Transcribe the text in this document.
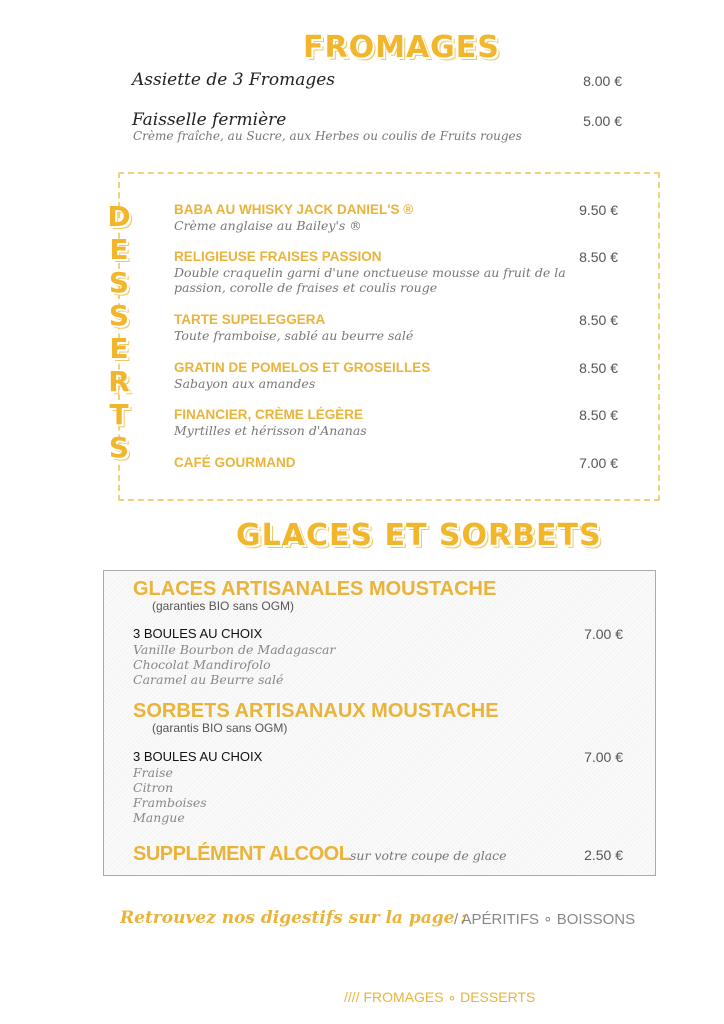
FROMAGES
Assiette de 3 Fromages	8.00 €
Faisselle fermière	5.00 €
Crème fraîche, au Sucre, aux Herbes ou coulis de Fruits rouges
D
E
S
S
E
R
T
S
BABA AU WHISKY JACK DANIEL'S ®
Crème anglaise au Bailey's ®
9.50 €
RELIGIEUSE FRAISES PASSION
Double craquelin garni d'une onctueuse mousse au fruit de la passion, corolle de fraises et coulis rouge
8.50 €
TARTE SUPELEGGERA
Toute framboise, sablé au beurre salé
8.50 €
GRATIN DE POMELOS ET GROSEILLES
Sabayon aux amandes
8.50 €
FINANCIER, CRÈME LÉGÈRE
Myrtilles et hérisson d'Ananas
8.50 €
CAFÉ GOURMAND	7.00 €
GLACES ET SORBETS
GLACES ARTISANALES MOUSTACHE
(garanties BIO sans OGM)
3 BOULES AU CHOIX	7.00 €
Vanille Bourbon de Madagascar
Chocolat Mandirofolo
Caramel au Beurre salé
SORBETS ARTISANAUX MOUSTACHE
(garantis BIO sans OGM)
3 BOULES AU CHOIX	7.00 €
Fraise
Citron
Framboises
Mangue
SUPPLÉMENT ALCOOL sur votre coupe de glace	2.50 €
Retrouvez nos digestifs sur la page :
/ APÉRITIFS ∘ BOISSONS
//// FROMAGES ∘ DESSERTS
